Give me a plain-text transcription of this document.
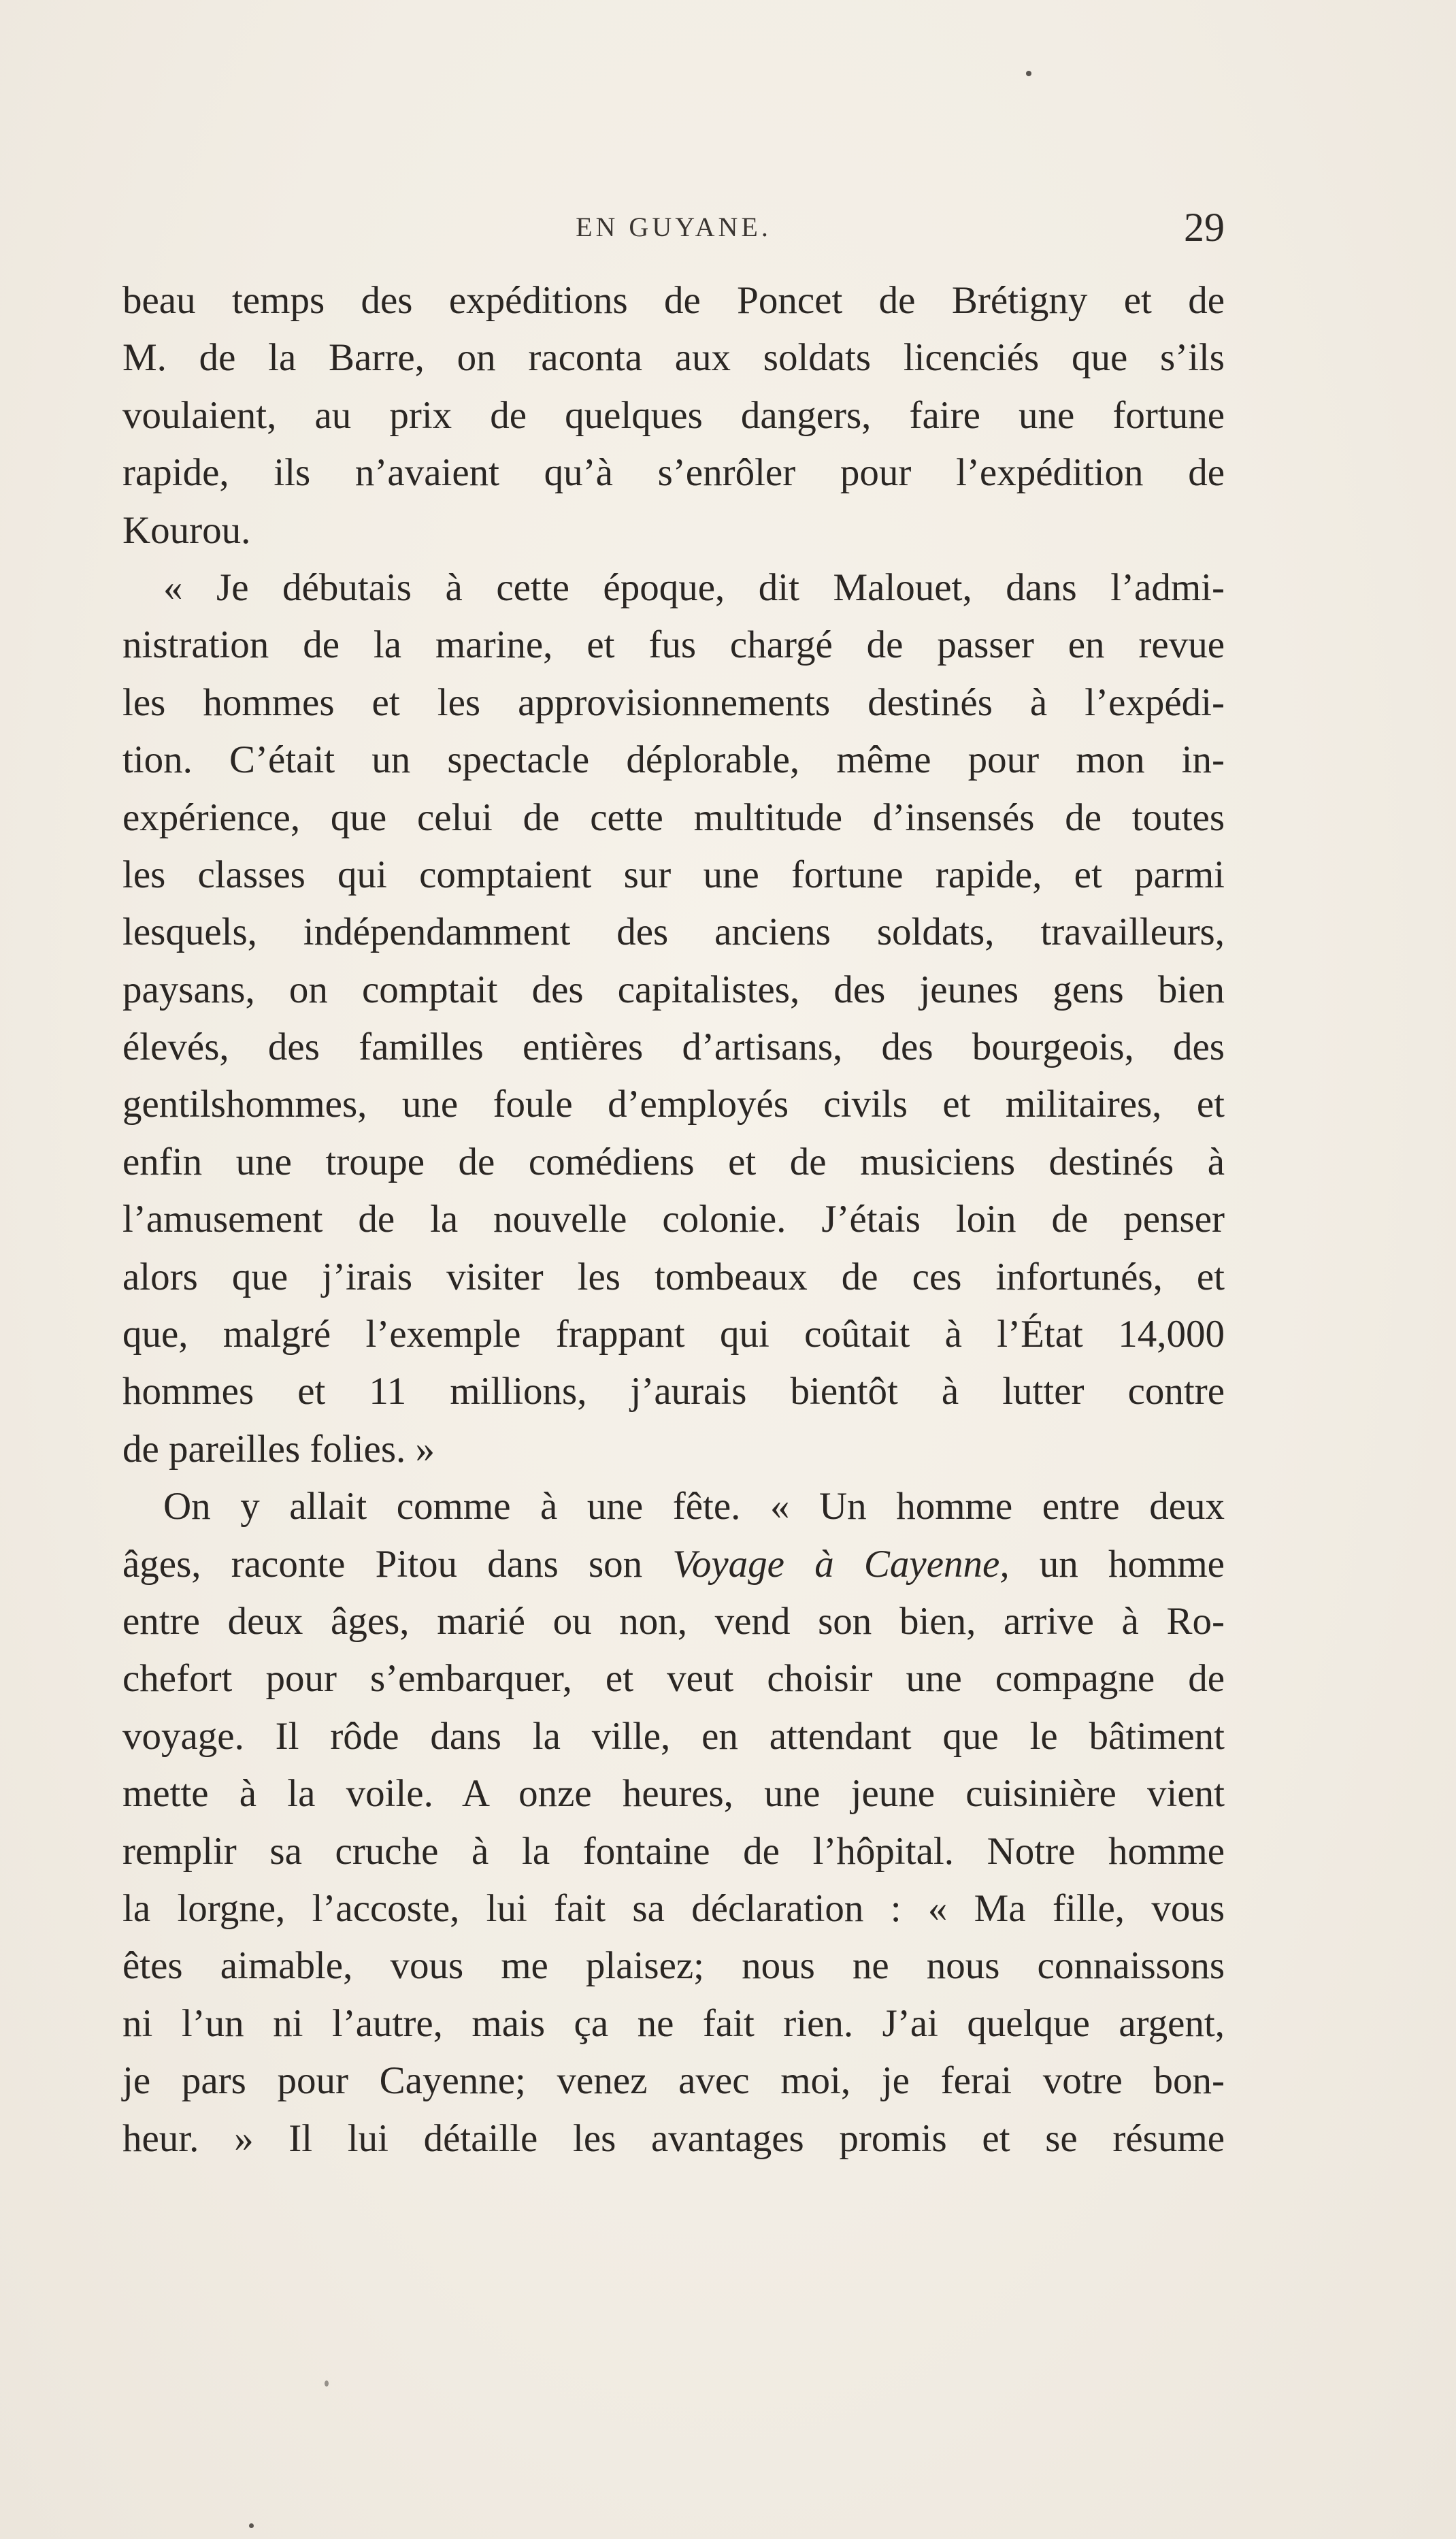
EN GUYANE.	29
beau temps des expéditions de Poncet de Brétigny et de
M. de la Barre, on raconta aux soldats licenciés que s’ils
voulaient, au prix de quelques dangers, faire une fortune
rapide, ils n’avaient qu’à s’enrôler pour l’expédition de
Kourou.
« Je débutais à cette époque, dit Malouet, dans l’admi-
nistration de la marine, et fus chargé de passer en revue
les hommes et les approvisionnements destinés à l’expédi-
tion. C’était un spectacle déplorable, même pour mon in-
expérience, que celui de cette multitude d’insensés de toutes
les classes qui comptaient sur une fortune rapide, et parmi
lesquels, indépendamment des anciens soldats, travailleurs,
paysans, on comptait des capitalistes, des jeunes gens bien
élevés, des familles entières d’artisans, des bourgeois, des
gentilshommes, une foule d’employés civils et militaires, et
enfin une troupe de comédiens et de musiciens destinés à
l’amusement de la nouvelle colonie. J’étais loin de penser
alors que j’irais visiter les tombeaux de ces infortunés, et
que, malgré l’exemple frappant qui coûtait à l’État 14,000
hommes et 11 millions, j’aurais bientôt à lutter contre
de pareilles folies. »
On y allait comme à une fête. « Un homme entre deux
âges, raconte Pitou dans son Voyage à Cayenne, un homme
entre deux âges, marié ou non, vend son bien, arrive à Ro-
chefort pour s’embarquer, et veut choisir une compagne de
voyage. Il rôde dans la ville, en attendant que le bâtiment
mette à la voile. A onze heures, une jeune cuisinière vient
remplir sa cruche à la fontaine de l’hôpital. Notre homme
la lorgne, l’accoste, lui fait sa déclaration : « Ma fille, vous
êtes aimable, vous me plaisez; nous ne nous connaissons
ni l’un ni l’autre, mais ça ne fait rien. J’ai quelque argent,
je pars pour Cayenne; venez avec moi, je ferai votre bon-
heur. » Il lui détaille les avantages promis et se résume
